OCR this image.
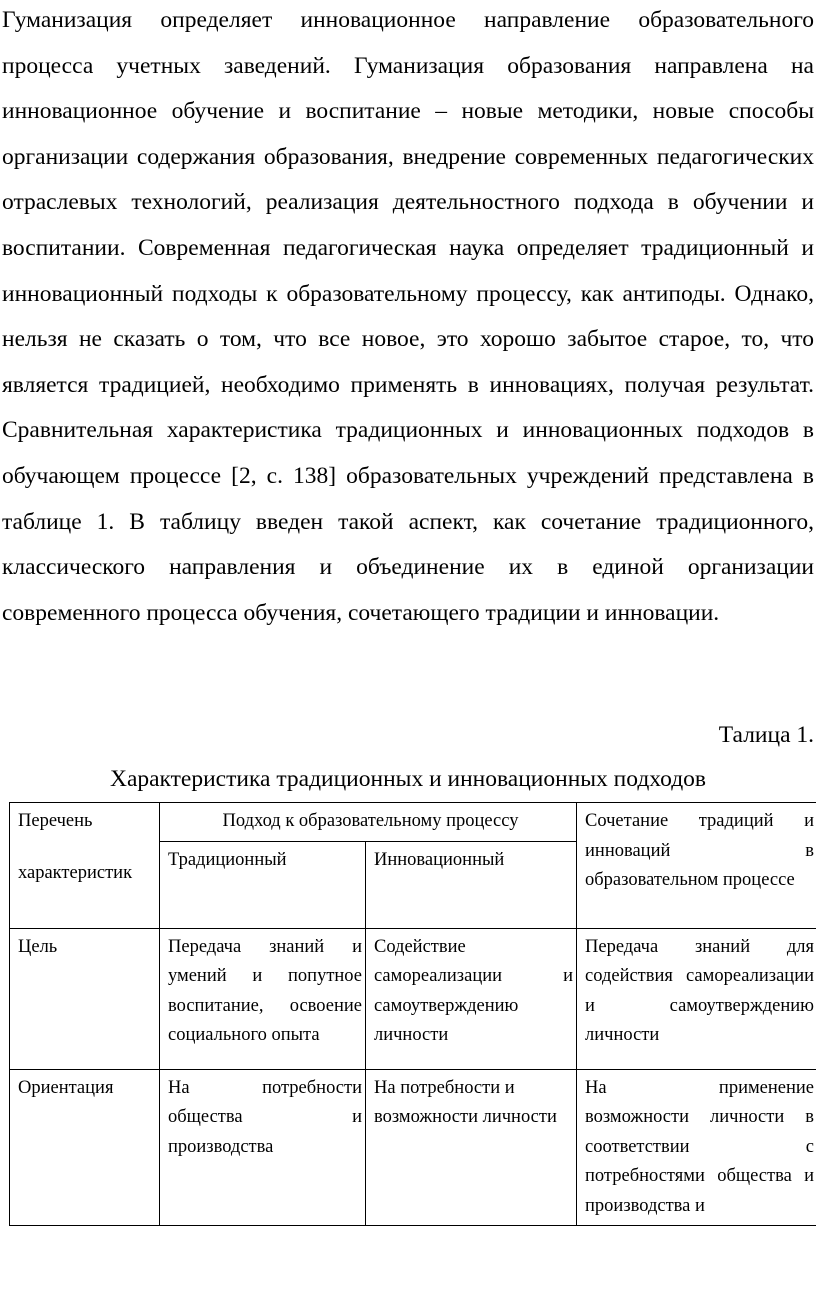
Гуманизация определяет инновационное направление образовательного процесса учетных заведений. Гуманизация образования направлена на инновационное обучение и воспитание – новые методики, новые способы организации содержания образования, внедрение современных педагогических отраслевых технологий, реализация деятельностного подхода в обучении и воспитании. Современная педагогическая наука определяет традиционный и инновационный подходы к образовательному процессу, как антиподы. Однако, нельзя не сказать о том, что все новое, это хорошо забытое старое, то, что является традицией, необходимо применять в инновациях, получая результат. Сравнительная характеристика традиционных и инновационных подходов в обучающем процессе [2, с. 138] образовательных учреждений представлена в таблице 1. В таблицу введен такой аспект, как сочетание традиционного, классического направления и объединение их в единой организации современного процесса обучения, сочетающего традиции и инновации.

Талица 1.
Характеристика традиционных и инновационных подходов
Перечень
характеристик	Подход к образовательному процессу		Сочетание традиций и инноваций в образовательном процессе
	Традиционный	Инновационный	
Цель	Передача знаний и умений и попутное воспитание, освоение социального опыта	Содействие самореализации и самоутверждению личности	Передача знаний для содействия самореализации и самоутверждению личности
Ориентация	На потребности общества и производства	На потребности и возможности личности	На применение возможности личности в соответствии с потребностями общества и производства и
